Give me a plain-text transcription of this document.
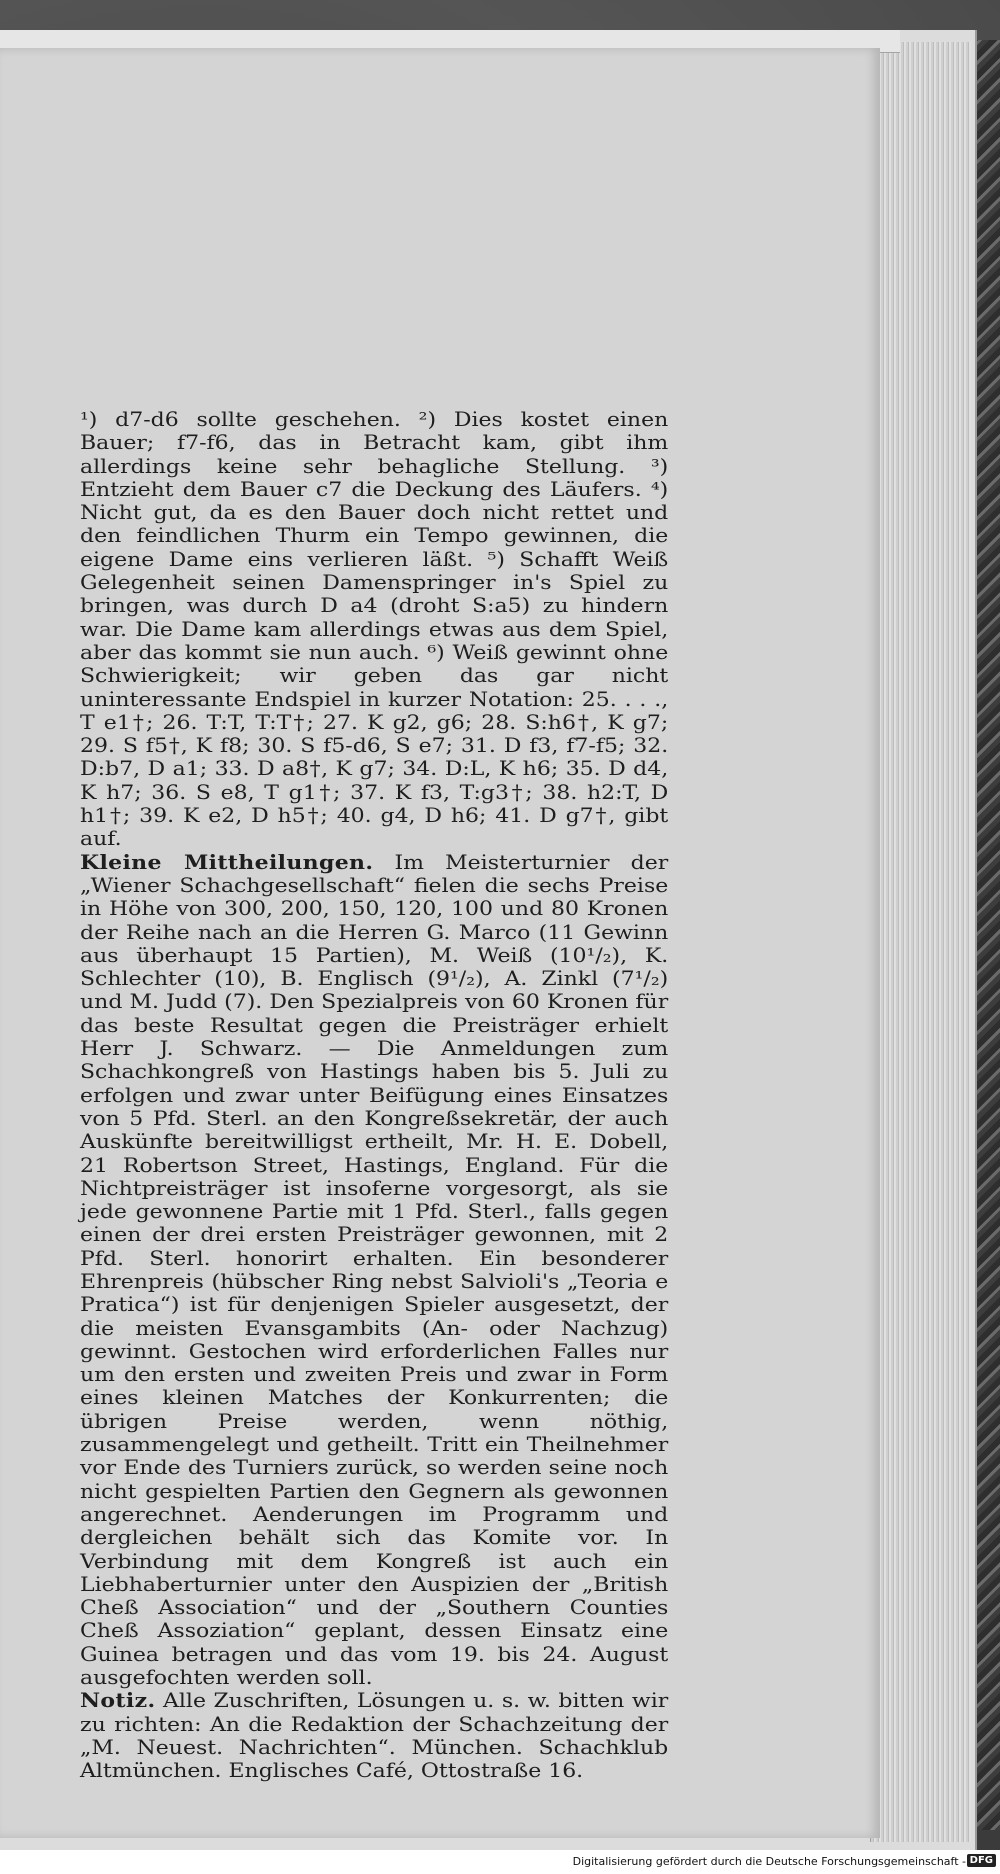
¹) d7-d6 sollte geschehen. ²) Dies kostet einen Bauer; f7-f6, das in Betracht kam, gibt ihm allerdings keine sehr behagliche Stellung. ³) Entzieht dem Bauer c7 die Deckung des Läufers. ⁴) Nicht gut, da es den Bauer doch nicht rettet und den feindlichen Thurm ein Tempo gewinnen, die eigene Dame eins verlieren läßt. ⁵) Schafft Weiß Gelegenheit seinen Damenspringer in's Spiel zu bringen, was durch D a4 (droht S:a5) zu hindern war. Die Dame kam allerdings etwas aus dem Spiel, aber das kommt sie nun auch. ⁶) Weiß gewinnt ohne Schwierigkeit; wir geben das gar nicht uninteressante Endspiel in kurzer Notation: 25. . . ., T e1†; 26. T:T, T:T†; 27. K g2, g6; 28. S:h6†, K g7; 29. S f5†, K f8; 30. S f5-d6, S e7; 31. D f3, f7-f5; 32. D:b7, D a1; 33. D a8†, K g7; 34. D:L, K h6; 35. D d4, K h7; 36. S e8, T g1†; 37. K f3, T:g3†; 38. h2:T, D h1†; 39. K e2, D h5†; 40. g4, D h6; 41. D g7†, gibt auf.

Kleine Mittheilungen. Im Meisterturnier der „Wiener Schachgesellschaft“ fielen die sechs Preise in Höhe von 300, 200, 150, 120, 100 und 80 Kronen der Reihe nach an die Herren G. Marco (11 Gewinn aus überhaupt 15 Partien), M. Weiß (10¹/₂), K. Schlechter (10), B. Englisch (9¹/₂), A. Zinkl (7¹/₂) und M. Judd (7). Den Spezialpreis von 60 Kronen für das beste Resultat gegen die Preisträger erhielt Herr J. Schwarz. — Die Anmeldungen zum Schachkongreß von Hastings haben bis 5. Juli zu erfolgen und zwar unter Beifügung eines Einsatzes von 5 Pfd. Sterl. an den Kongreßsekretär, der auch Auskünfte bereitwilligst ertheilt, Mr. H. E. Dobell, 21 Robertson Street, Hastings, England. Für die Nichtpreisträger ist insoferne vorgesorgt, als sie jede gewonnene Partie mit 1 Pfd. Sterl., falls gegen einen der drei ersten Preisträger gewonnen, mit 2 Pfd. Sterl. honorirt erhalten. Ein besonderer Ehrenpreis (hübscher Ring nebst Salvioli's „Teoria e Pratica“) ist für denjenigen Spieler ausgesetzt, der die meisten Evansgambits (An- oder Nachzug) gewinnt. Gestochen wird erforderlichen Falles nur um den ersten und zweiten Preis und zwar in Form eines kleinen Matches der Konkurrenten; die übrigen Preise werden, wenn nöthig, zusammengelegt und getheilt. Tritt ein Theilnehmer vor Ende des Turniers zurück, so werden seine noch nicht gespielten Partien den Gegnern als gewonnen angerechnet. Aenderungen im Programm und dergleichen behält sich das Komite vor. In Verbindung mit dem Kongreß ist auch ein Liebhaberturnier unter den Auspizien der „British Cheß Association“ und der „Southern Counties Cheß Assoziation“ geplant, dessen Einsatz eine Guinea betragen und das vom 19. bis 24. August ausgefochten werden soll.

Notiz. Alle Zuschriften, Lösungen u. s. w. bitten wir zu richten: An die Redaktion der Schachzeitung der „M. Neuest. Nachrichten“. München. Schachklub Altmünchen. Englisches Café, Ottostraße 16.

Digitalisierung gefördert durch die Deutsche Forschungsgemeinschaft - DFG
